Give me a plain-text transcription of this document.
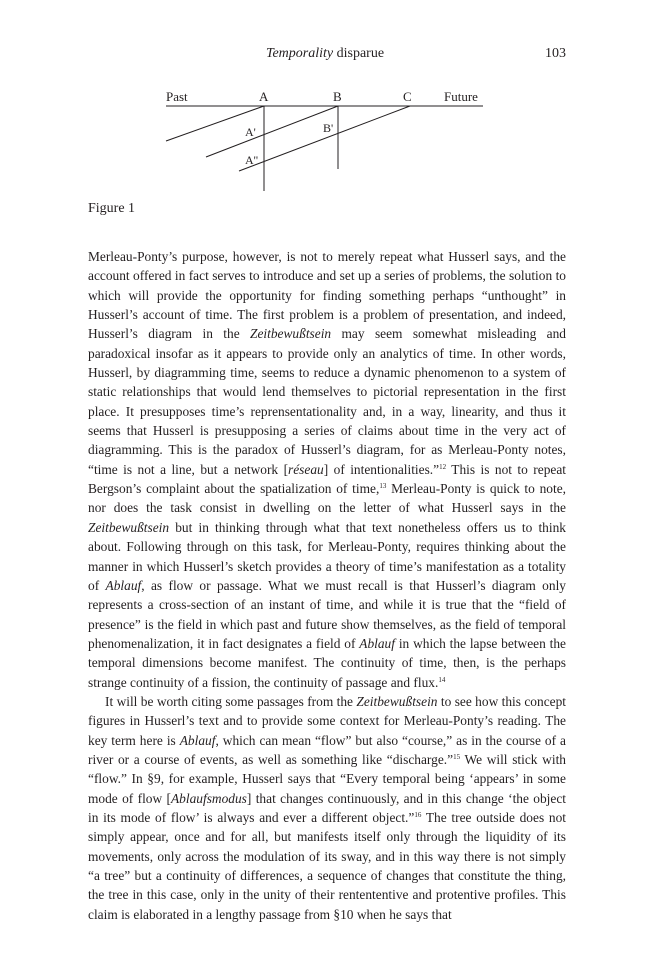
Temporality disparue	103
Past	A	B	C Future
A'	B'
A''
Figure 1

Merleau-Ponty’s purpose, however, is not to merely repeat what Husserl says, and the account offered in fact serves to introduce and set up a series of problems, the solution to which will provide the opportunity for finding something perhaps “unthought” in Husserl’s account of time. The first problem is a problem of presentation, and indeed, Husserl’s diagram in the Zeitbewußtsein may seem somewhat misleading and paradoxical insofar as it appears to provide only an analytics of time. In other words, Husserl, by diagramming time, seems to reduce a dynamic phenomenon to a system of static relationships that would lend themselves to pictorial representation in the first place. It presupposes time’s reprensentationality and, in a way, linearity, and thus it seems that Husserl is presupposing a series of claims about time in the very act of diagramming. This is the paradox of Husserl’s diagram, for as Merleau-Ponty notes, “time is not a line, but a network [réseau] of intentionalities.”$^{12}$ This is not to repeat Bergson’s complaint about the spatialization of time,$^{13}$ Merleau-Ponty is quick to note, nor does the task consist in dwelling on the letter of what Husserl says in the Zeitbewußtsein but in thinking through what that text nonetheless offers us to think about. Following through on this task, for Merleau-Ponty, requires thinking about the manner in which Husserl’s sketch provides a theory of time’s manifestation as a totality of Ablauf, as flow or passage. What we must recall is that Husserl’s diagram only represents a cross-section of an instant of time, and while it is true that the “field of presence” is the field in which past and future show themselves, as the field of temporal phenomenalization, it in fact designates a field of Ablauf in which the lapse between the temporal dimensions become manifest. The continuity of time, then, is the perhaps strange continuity of a fission, the continuity of passage and flux.$^{14}$

It will be worth citing some passages from the Zeitbewußtsein to see how this concept figures in Husserl’s text and to provide some context for Merleau-Ponty’s reading. The key term here is Ablauf, which can mean “flow” but also “course,” as in the course of a river or a course of events, as well as something like “discharge.”$^{15}$ We will stick with “flow.” In §9, for example, Husserl says that “Every temporal being ‘appears’ in some mode of flow [Ablaufsmodus] that changes continuously, and in this change ‘the object in its mode of flow’ is always and ever a different object.”$^{16}$ The tree outside does not simply appear, once and for all, but manifests itself only through the liquidity of its movements, only across the modulation of its sway, and in this way there is not simply “a tree” but a continuity of differences, a sequence of changes that constitute the thing, the tree in this case, only in the unity of their rentententive and protentive profiles. This claim is elaborated in a lengthy passage from §10 when he says that
